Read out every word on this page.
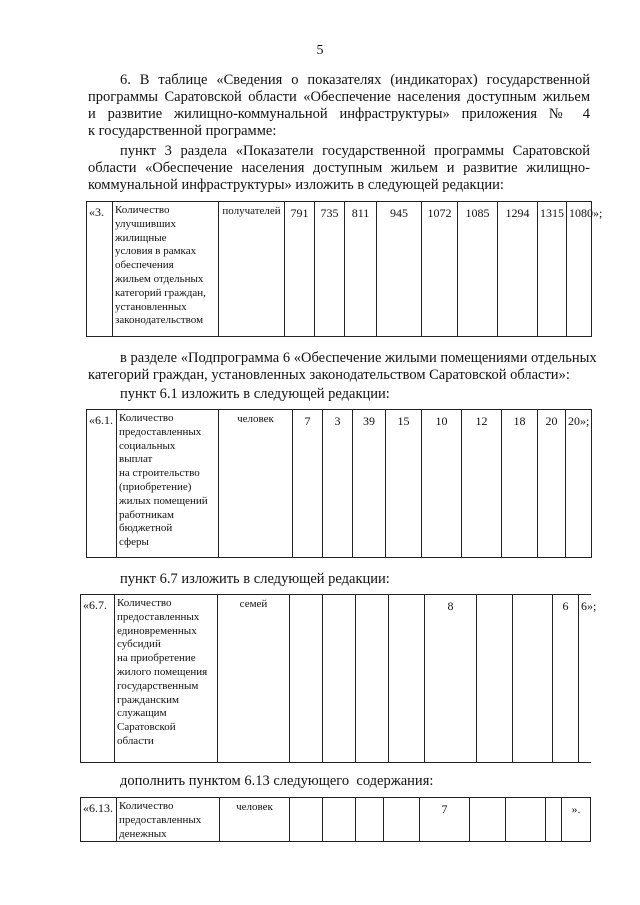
5
6. В таблице «Сведения о показателях (индикаторах) государственной
программы Саратовской области «Обеспечение населения доступным жильем
и развитие жилищно-коммунальной инфраструктуры» приложения № 4
к государственной программе:
пункт 3 раздела «Показатели государственной программы Саратовской
области «Обеспечение населения доступным жильем и развитие жилищно-
коммунальной инфраструктуры» изложить в следующей редакции:
«3.	Количество
улучшивших
жилищные
условия в рамках
обеспечения
жильем отдельных
категорий граждан,
установленных
законодательством
	получателей	791	735	811	945	1072	1085	1294	1315	1080»;
в разделе «Подпрограмма 6 «Обеспечение жилыми помещениями отдельных
категорий граждан, установленных законодательством Саратовской области»:
пункт 6.1 изложить в следующей редакции:
«6.1.	Количество
предоставленных
социальных
выплат
на строительство
(приобретение)
жилых помещений
работникам
бюджетной
сферы
	человек	7	3	39	15	10	12	18	20	20»;
пункт 6.7 изложить в следующей редакции:
«6.7.	Количество
предоставленных
единовременных
субсидий
на приобретение
жилого помещения
государственным
гражданским
служащим
Саратовской
области
	семей					8			6	6»;
дополнить пунктом 6.13 следующего  содержания:
«6.13.	Количество
предоставленных
денежных
	человек					7				».
